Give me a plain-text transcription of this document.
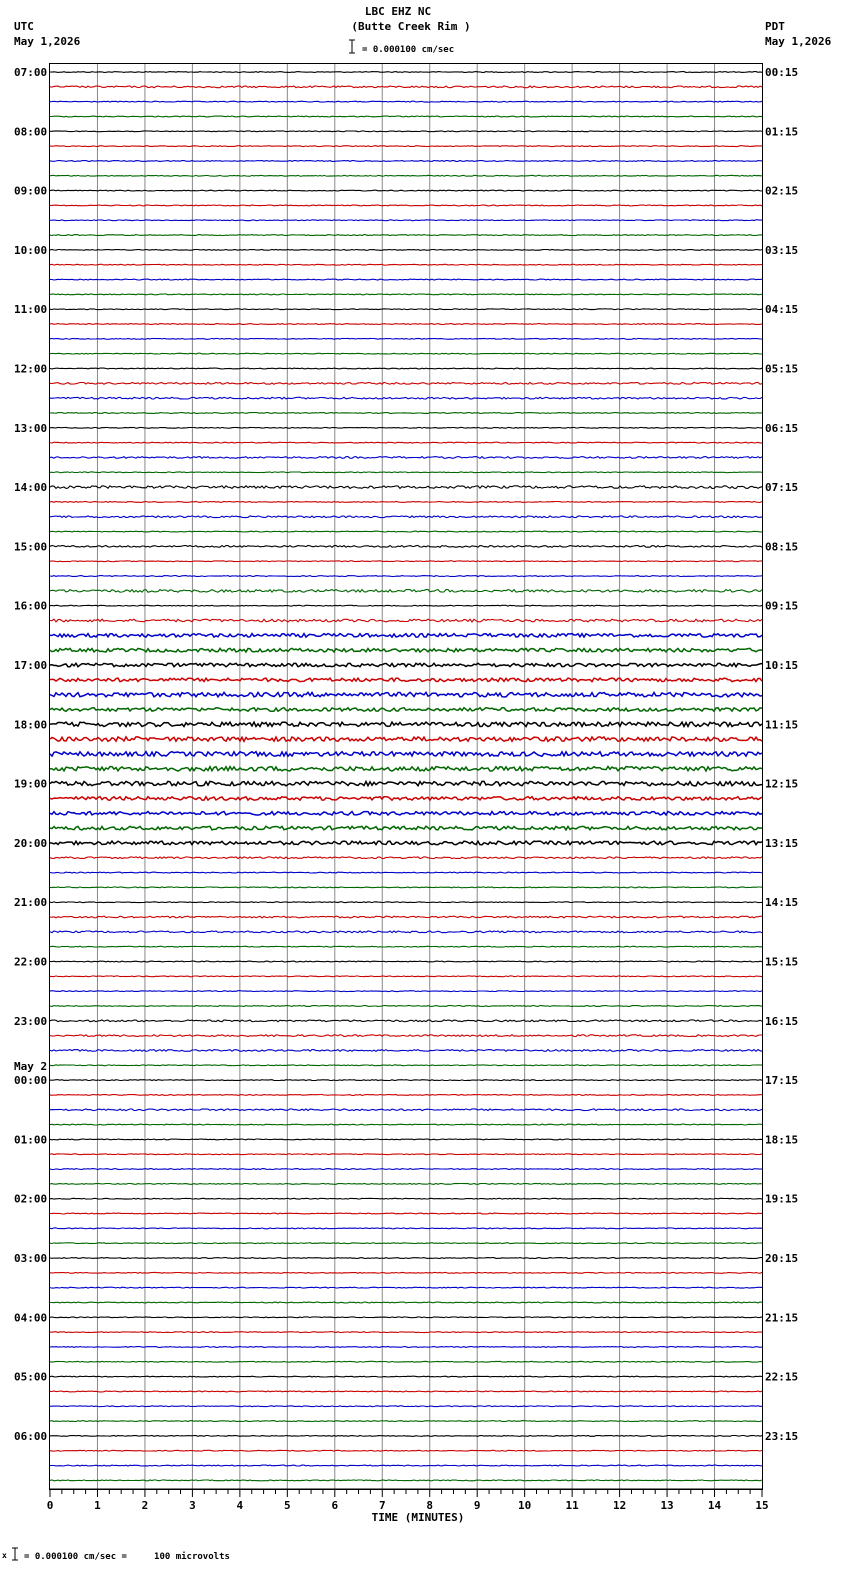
LBC EHZ NC
(Butte Creek Rim )
UTC
May 1,2026
PDT
May 1,2026
= 0.000100 cm/sec
07:00
08:00
09:00
10:00
11:00
12:00
13:00
14:00
15:00
16:00
17:00
18:00
19:00
20:00
21:00
22:00
23:00
00:00
01:00
02:00
03:00
04:00
05:00
06:00
00:15
01:15
02:15
03:15
04:15
05:15
06:15
07:15
08:15
09:15
10:15
11:15
12:15
13:15
14:15
15:15
16:15
17:15
18:15
19:15
20:15
21:15
22:15
23:15
May 2
0	1	2	3	4	5	6	7	8	9	10	11	12	13	14	15
TIME (MINUTES)
x = 0.000100 cm/sec =     100 microvolts
